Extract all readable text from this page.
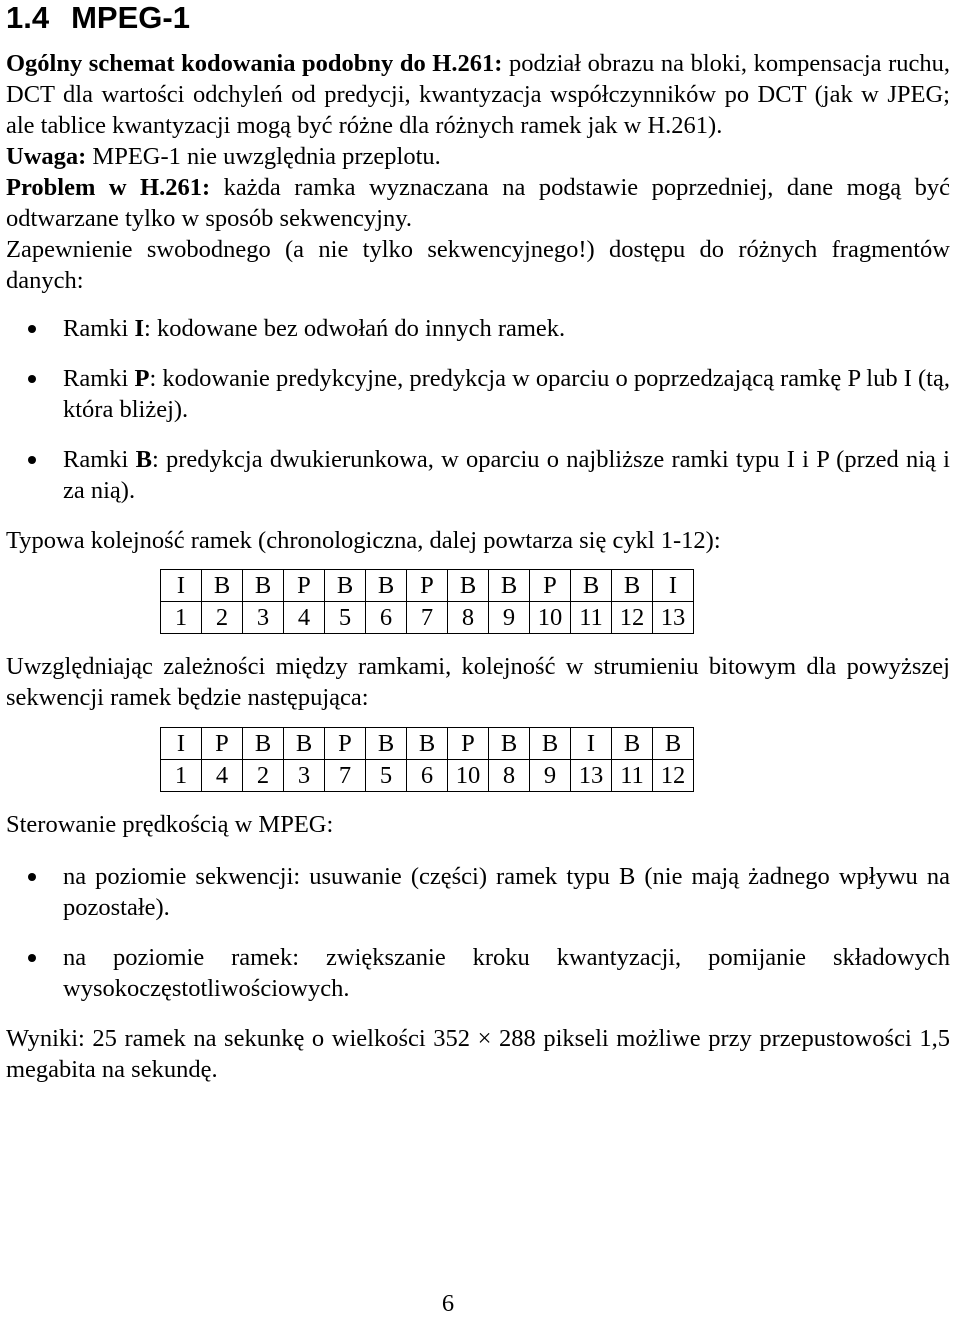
1.4 MPEG-1

Ogólny schemat kodowania podobny do H.261: podział obrazu na bloki, kompensacja ruchu, DCT dla wartości odchyleń od predycji, kwantyzacja współczynników po DCT (jak w JPEG; ale tablice kwantyzacji mogą być różne dla różnych ramek jak w H.261).

Uwaga: MPEG-1 nie uwzględnia przeplotu.

Problem w H.261: każda ramka wyznaczana na podstawie poprzedniej, dane mogą być odtwarzane tylko w sposób sekwencyjny.

Zapewnienie swobodnego (a nie tylko sekwencyjnego!) dostępu do różnych fragmentów danych:

Ramki I: kodowane bez odwołań do innych ramek.
Ramki P: kodowanie predykcyjne, predykcja w oparciu o poprzedzającą ramkę P lub I (tą, która bliżej).
Ramki B: predykcja dwukierunkowa, w oparciu o najbliższe ramki typu I i P (przed nią i za nią).

Typowa kolejność ramek (chronologiczna, dalej powtarza się cykl 1-12):

I	B	B	P	B	B	P	B	B	P	B	B	I
1	2	3	4	5	6	7	8	9	10	11	12	13

Uwzględniając zależności między ramkami, kolejność w strumieniu bitowym dla powyższej sekwencji ramek będzie następująca:

I	P	B	B	P	B	B	P	B	B	I	B	B
1	4	2	3	7	5	6	10	8	9	13	11	12

Sterowanie prędkością w MPEG:

na poziomie sekwencji: usuwanie (części) ramek typu B (nie mają żadnego wpływu na pozostałe).
na poziomie ramek: zwiększanie kroku kwantyzacji, pomijanie składowych wysokoczęstotliwościowych.

Wyniki: 25 ramek na sekunkę o wielkości 352 × 288 pikseli możliwe przy przepustowości 1,5 megabita na sekundę.

6
